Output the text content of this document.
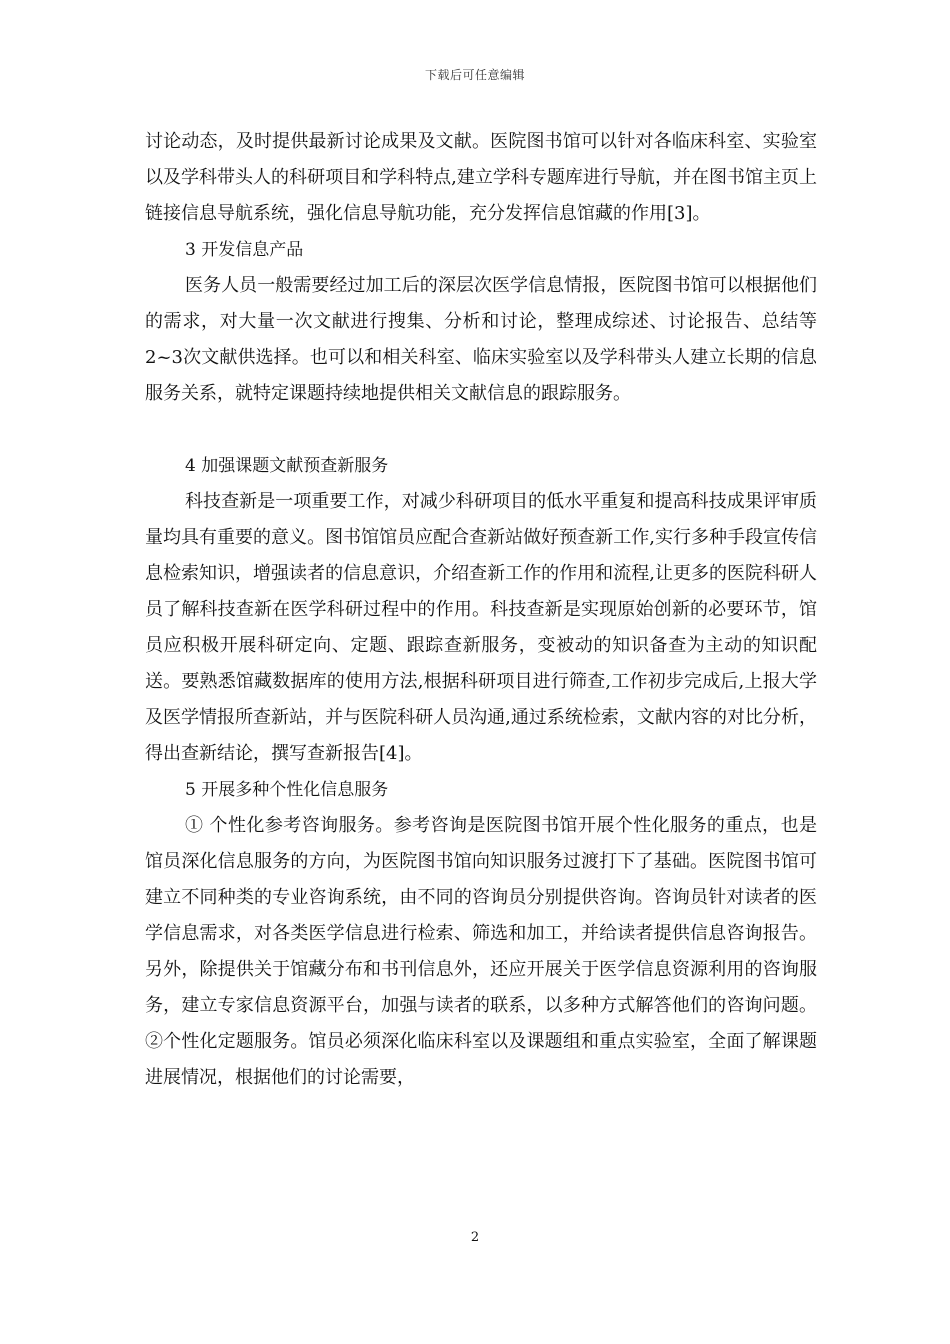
下载后可任意编辑

讨论动态，及时提供最新讨论成果及文献。医院图书馆可以针对各临床科室、实验室以及学科带头人的科研项目和学科特点,建立学科专题库进行导航，并在图书馆主页上链接信息导航系统，强化信息导航功能，充分发挥信息馆藏的作用[3]。

3 开发信息产品

医务人员一般需要经过加工后的深层次医学信息情报，医院图书馆可以根据他们的需求，对大量一次文献进行搜集、分析和讨论，整理成综述、讨论报告、总结等2~3次文献供选择。也可以和相关科室、临床实验室以及学科带头人建立长期的信息服务关系，就特定课题持续地提供相关文献信息的跟踪服务。

4 加强课题文献预查新服务

科技查新是一项重要工作，对减少科研项目的低水平重复和提高科技成果评审质量均具有重要的意义。图书馆馆员应配合查新站做好预查新工作,实行多种手段宣传信息检索知识，增强读者的信息意识，介绍查新工作的作用和流程,让更多的医院科研人员了解科技查新在医学科研过程中的作用。科技查新是实现原始创新的必要环节，馆员应积极开展科研定向、定题、跟踪查新服务，变被动的知识备查为主动的知识配送。要熟悉馆藏数据库的使用方法,根据科研项目进行筛查,工作初步完成后,上报大学及医学情报所查新站，并与医院科研人员沟通,通过系统检索，文献内容的对比分析， 得出查新结论，撰写查新报告[4]。

5 开展多种个性化信息服务

① 个性化参考咨询服务。参考咨询是医院图书馆开展个性化服务的重点，也是馆员深化信息服务的方向，为医院图书馆向知识服务过渡打下了基础。医院图书馆可建立不同种类的专业咨询系统，由不同的咨询员分别提供咨询。咨询员针对读者的医学信息需求，对各类医学信息进行检索、筛选和加工，并给读者提供信息咨询报告。另外，除提供关于馆藏分布和书刊信息外，还应开展关于医学信息资源利用的咨询服务，建立专家信息资源平台，加强与读者的联系，以多种方式解答他们的咨询问题。②个性化定题服务。馆员必须深化临床科室以及课题组和重点实验室，全面了解课题进展情况，根据他们的讨论需要，

2
